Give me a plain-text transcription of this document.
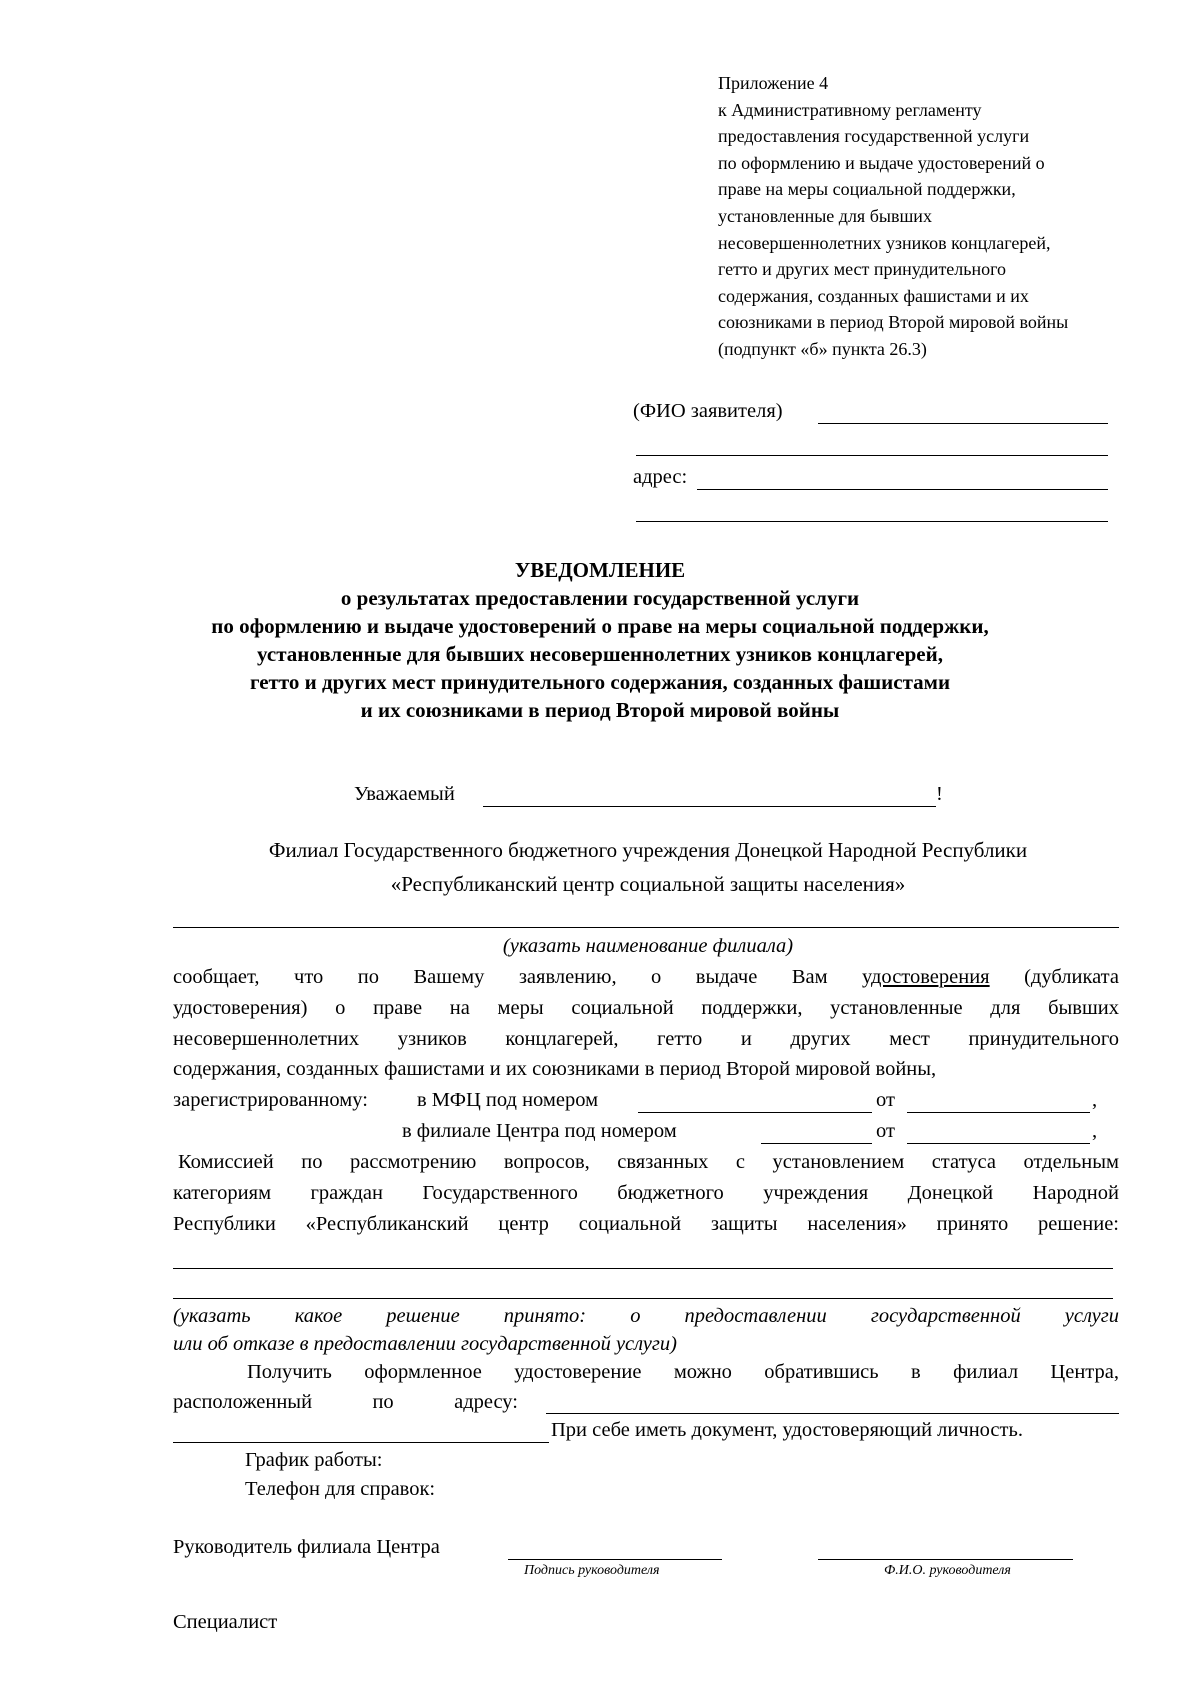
Приложение 4
к Административному регламенту
предоставления государственной услуги
по оформлению и выдаче удостоверений о
праве на меры социальной поддержки,
установленные для бывших
несовершеннолетних узников концлагерей,
гетто и других мест принудительного
содержания, созданных фашистами и их
союзниками в период Второй мировой войны
(подпункт «б» пункта 26.3)
(ФИО заявителя)
адрес:
УВЕДОМЛЕНИЕ
о результатах предоставлении государственной услуги
по оформлению и выдаче удостоверений о праве на меры социальной поддержки,
установленные для бывших несовершеннолетних узников концлагерей,
гетто и других мест принудительного содержания, созданных фашистами
и их союзниками в период Второй мировой войны
Уважаемый	!
Филиал Государственного бюджетного учреждения Донецкой Народной Республики
«Республиканский центр социальной защиты населения»
(указать наименование филиала)
сообщает, что по Вашему заявлению, о выдаче Вам удостоверения (дубликата
удостоверения) о праве на меры социальной поддержки, установленные для бывших
несовершеннолетних узников концлагерей, гетто и других мест принудительного
содержания, созданных фашистами и их союзниками в период Второй мировой войны,
зарегистрированному: в МФЦ под номером	от	,
в филиале Центра под номером	от	,
Комиссией по рассмотрению вопросов, связанных с установлением статуса отдельным
категориям граждан Государственного бюджетного учреждения Донецкой Народной
Республики «Республиканский центр социальной защиты населения» принято решение:
(указать какое решение принято: о предоставлении государственной услуги
или об отказе в предоставлении государственной услуги)
Получить оформленное удостоверение можно обратившись в филиал Центра,
расположенный по адресу:
При себе иметь документ, удостоверяющий личность.
График работы:
Телефон для справок:
Руководитель филиала Центра
Подпись руководителя	Ф.И.О. руководителя
Специалист
